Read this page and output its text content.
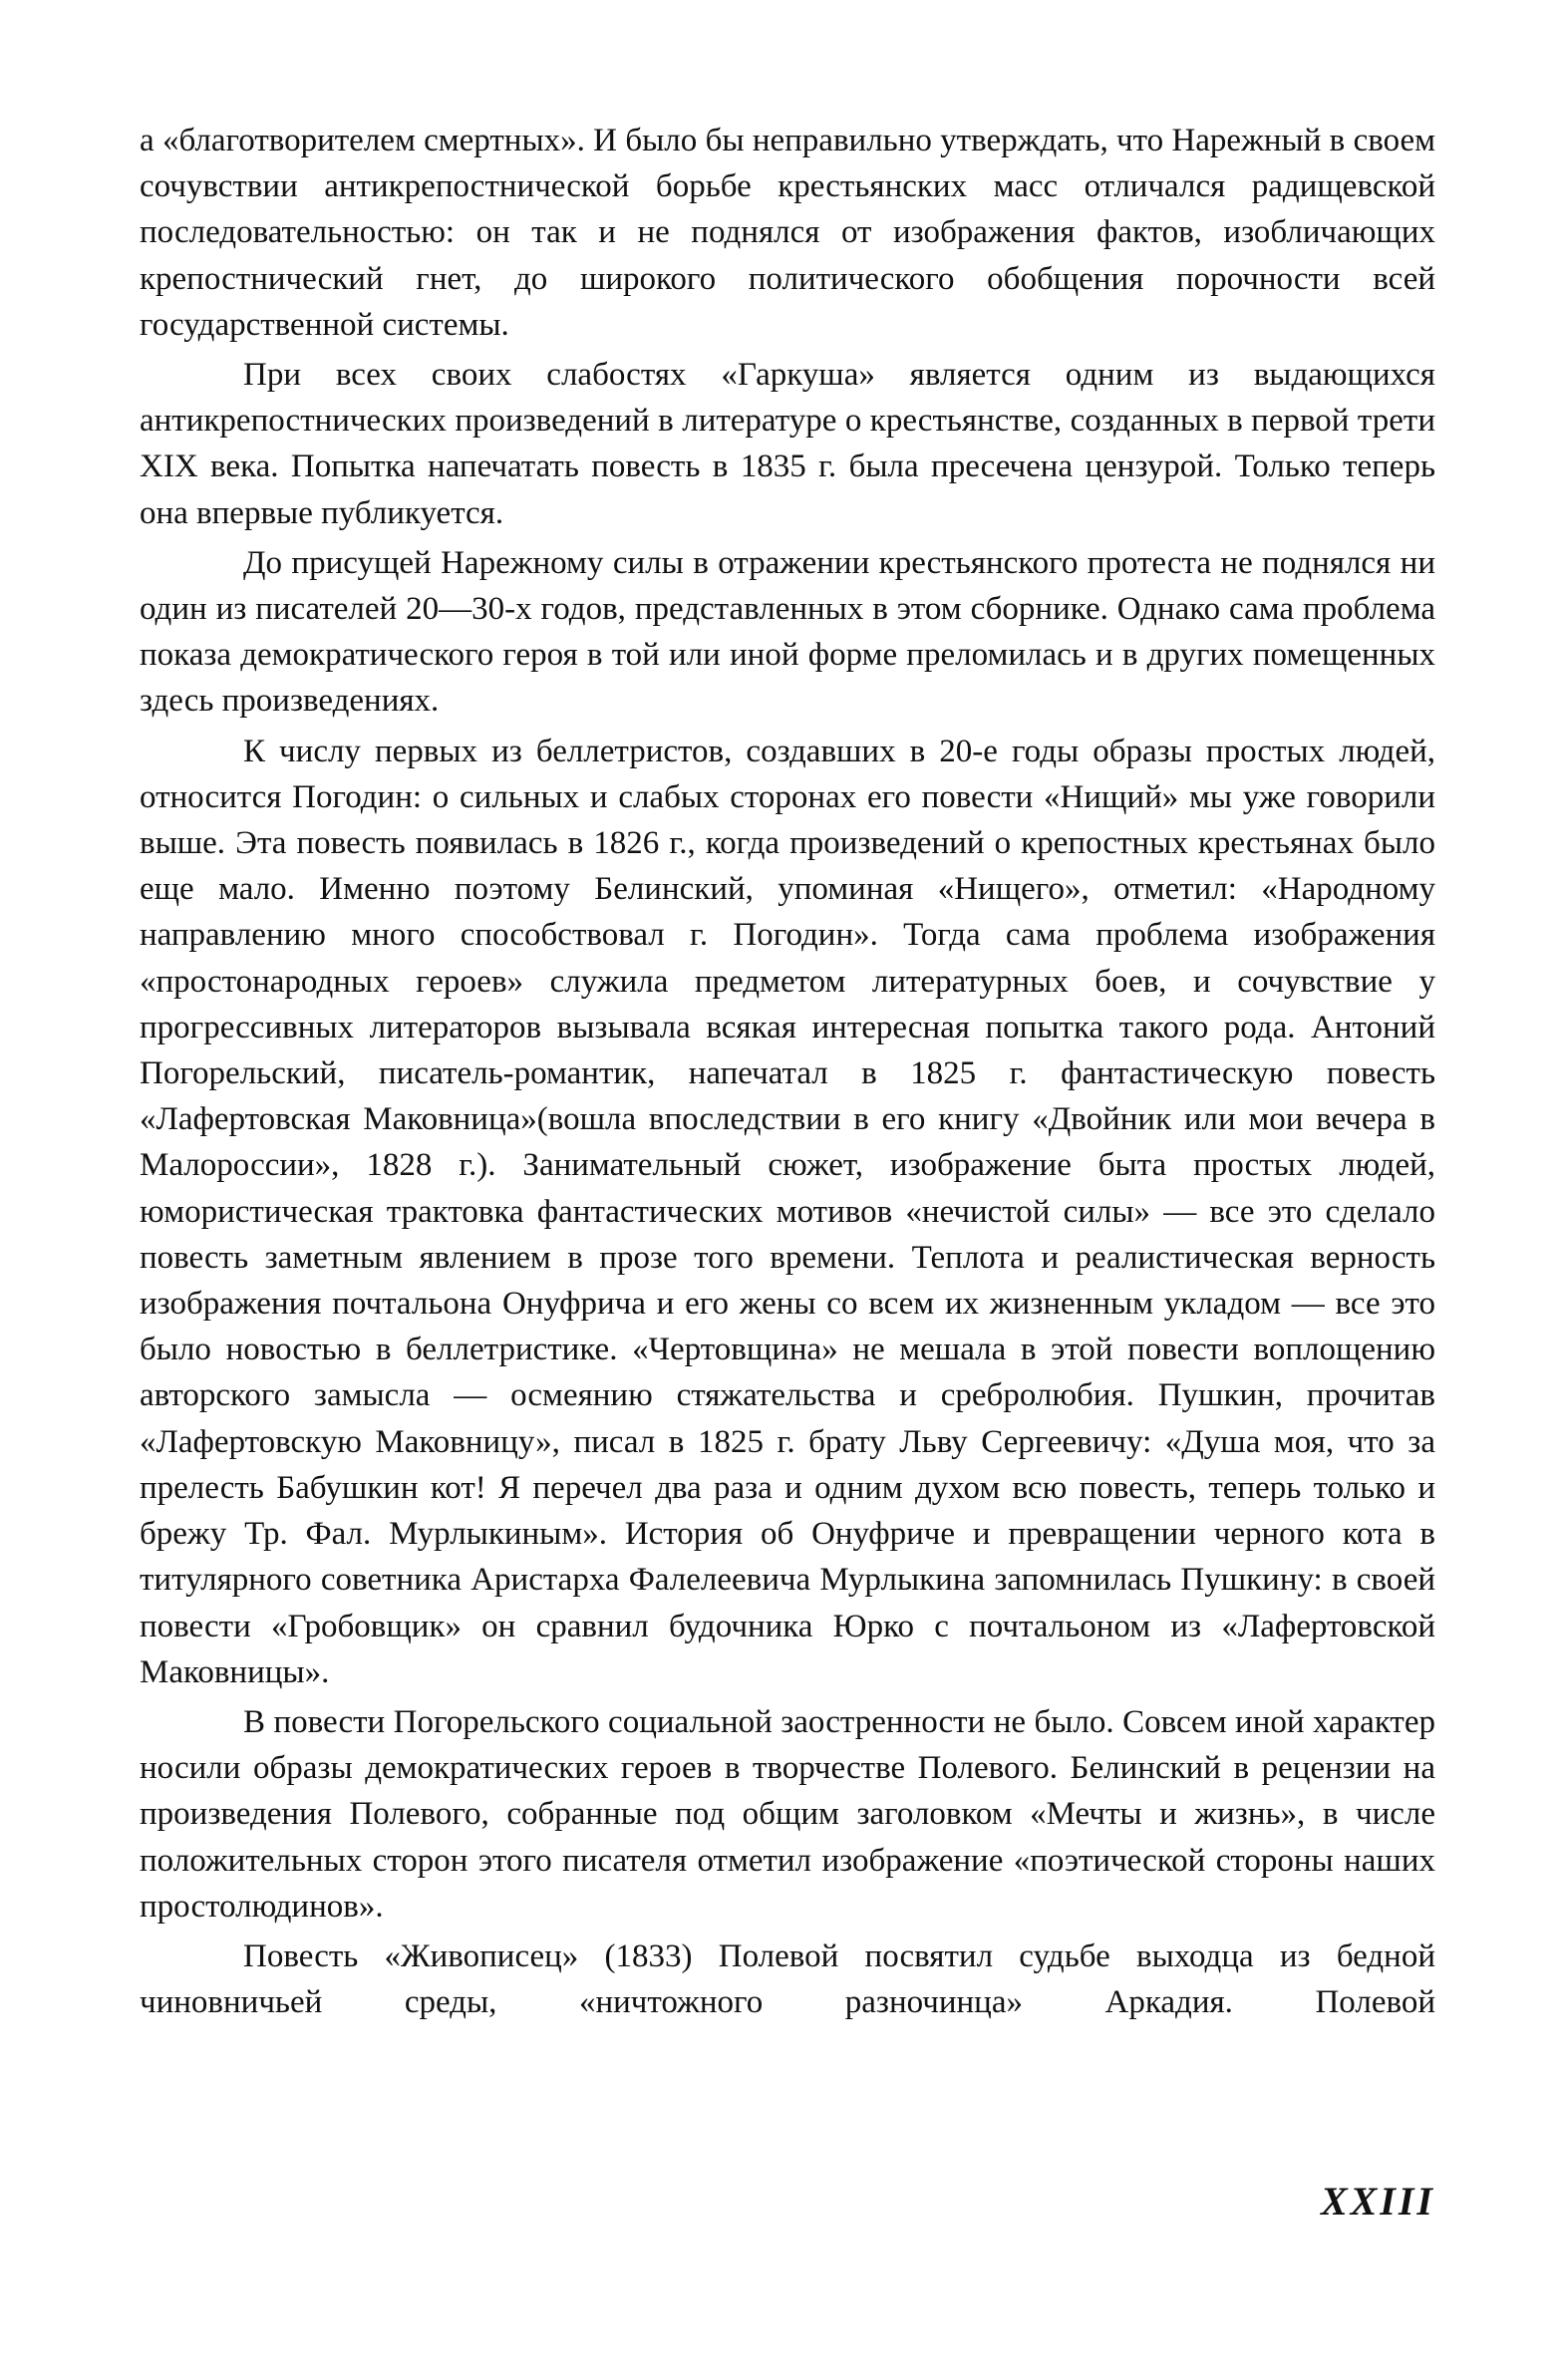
а «благотворителем смертных». И было бы неправильно утверждать, что Нарежный в своем сочувствии антикрепостнической борьбе крестьянских масс отличался радищевской последовательностью: он так и не поднялся от изображения фактов, изобличающих крепостнический гнет, до широкого политического обобщения порочности всей государственной системы.

При всех своих слабостях «Гаркуша» является одним из выдающихся антикрепостнических произведений в литературе о крестьянстве, созданных в первой трети XIX века. Попытка напечатать повесть в 1835 г. была пресечена цензурой. Только теперь она впервые публикуется.

До присущей Нарежному силы в отражении крестьянского протеста не поднялся ни один из писателей 20—30-х годов, представленных в этом сборнике. Однако сама проблема показа демократического героя в той или иной форме преломилась и в других помещенных здесь произведениях.

К числу первых из беллетристов, создавших в 20-е годы образы простых людей, относится Погодин: о сильных и слабых сторонах его повести «Нищий» мы уже говорили выше. Эта повесть появилась в 1826 г., когда произведений о крепостных крестьянах было еще мало. Именно поэтому Белинский, упоминая «Нищего», отметил: «Народному направлению много способствовал г. Погодин». Тогда сама проблема изображения «простонародных героев» служила предметом литературных боев, и сочувствие у прогрессивных литераторов вызывала всякая интересная попытка такого рода. Антоний Погорельский, писатель-романтик, напечатал в 1825 г. фантастическую повесть «Лафертовская Маковница»(вошла впоследствии в его книгу «Двойник или мои вечера в Малороссии», 1828 г.). Занимательный сюжет, изображение быта простых людей, юмористическая трактовка фантастических мотивов «нечистой силы» — все это сделало повесть заметным явлением в прозе того времени. Теплота и реалистическая верность изображения почтальона Онуфрича и его жены со всем их жизненным укладом — все это было новостью в беллетристике. «Чертовщина» не мешала в этой повести воплощению авторского замысла — осмеянию стяжательства и сребролюбия. Пушкин, прочитав «Лафертовскую Маковницу», писал в 1825 г. брату Льву Сергеевичу: «Душа моя, что за прелесть Бабушкин кот! Я перечел два раза и одним духом всю повесть, теперь только и брежу Тр. Фал. Мурлыкиным». История об Онуфриче и превращении черного кота в титулярного советника Аристарха Фалелеевича Мурлыкина запомнилась Пушкину: в своей повести «Гробовщик» он сравнил будочника Юрко с почтальоном из «Лафертовской Маковницы».

В повести Погорельского социальной заостренности не было. Совсем иной характер носили образы демократических героев в творчестве Полевого. Белинский в рецензии на произведения Полевого, собранные под общим заголовком «Мечты и жизнь», в числе положительных сторон этого писателя отметил изображение «поэтической стороны наших простолюдинов».

Повесть «Живописец» (1833) Полевой посвятил судьбе выходца из бедной чиновничьей среды, «ничтожного разночинца» Аркадия. Полевой

XXIII
